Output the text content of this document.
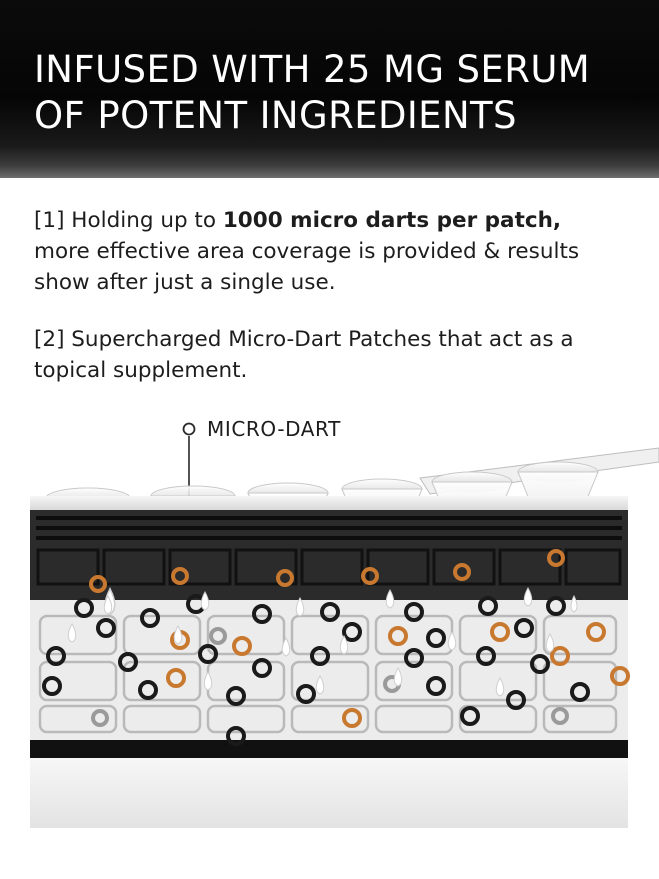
INFUSED WITH 25 MG SERUM OF POTENT INGREDIENTS

[1] Holding up to 1000 micro darts per patch, more effective area coverage is provided & results show after just a single use.

[2] Supercharged Micro-Dart Patches that act as a topical supplement.

MICRO-DART
